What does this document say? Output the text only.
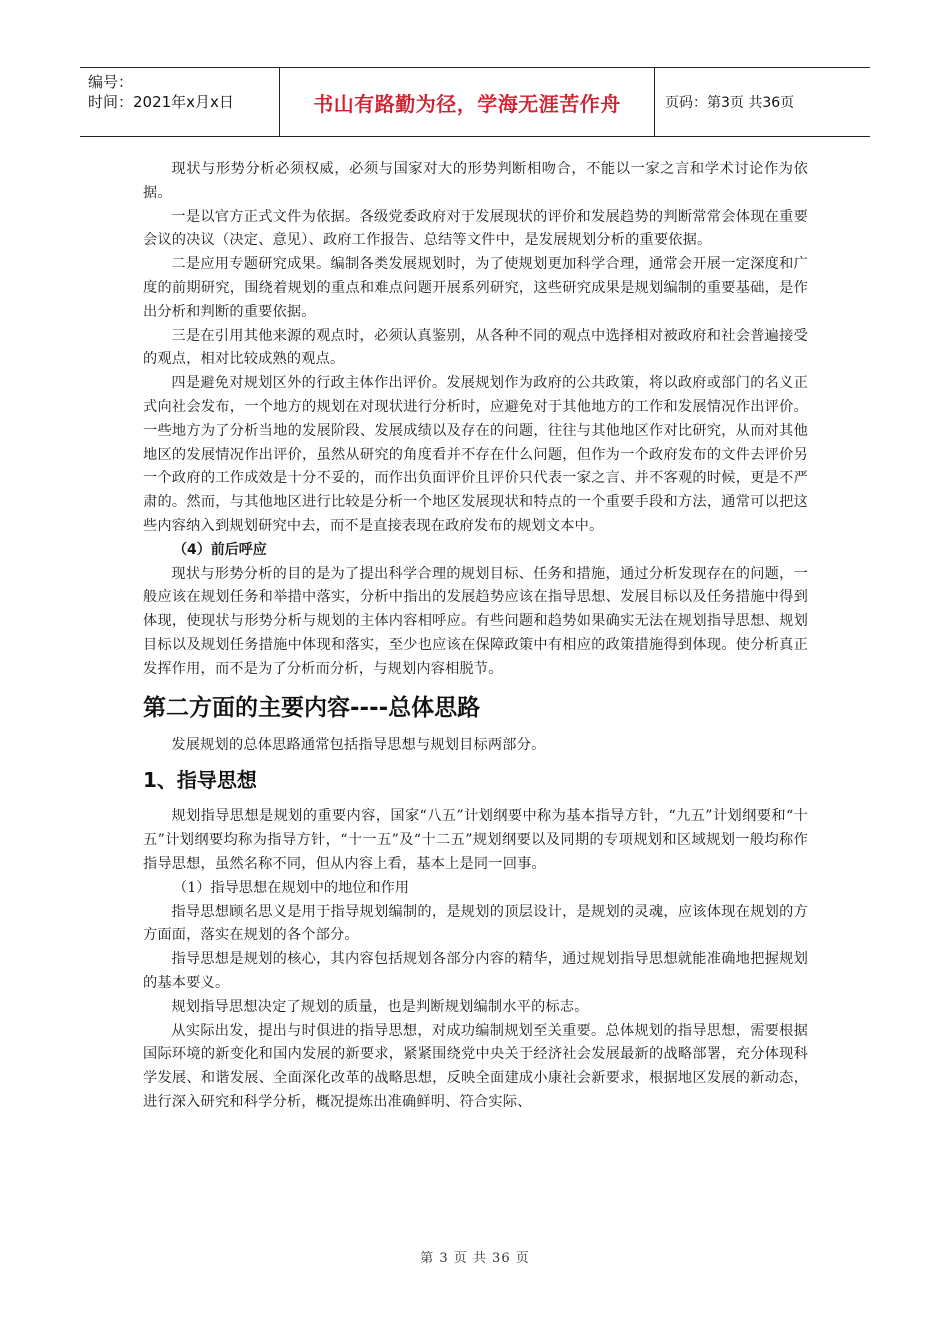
编号：
时间：2021年x月x日	书山有路勤为径，学海无涯苦作舟	页码：第3页 共36页

现状与形势分析必须权威，必须与国家对大的形势判断相吻合，不能以一家之言和学术讨论作为依据。

一是以官方正式文件为依据。各级党委政府对于发展现状的评价和发展趋势的判断常常会体现在重要会议的决议（决定、意见）、政府工作报告、总结等文件中，是发展规划分析的重要依据。

二是应用专题研究成果。编制各类发展规划时，为了使规划更加科学合理，通常会开展一定深度和广度的前期研究，围绕着规划的重点和难点问题开展系列研究，这些研究成果是规划编制的重要基础，是作出分析和判断的重要依据。

三是在引用其他来源的观点时，必须认真鉴别，从各种不同的观点中选择相对被政府和社会普遍接受的观点，相对比较成熟的观点。

四是避免对规划区外的行政主体作出评价。发展规划作为政府的公共政策，将以政府或部门的名义正式向社会发布，一个地方的规划在对现状进行分析时，应避免对于其他地方的工作和发展情况作出评价。一些地方为了分析当地的发展阶段、发展成绩以及存在的问题，往往与其他地区作对比研究，从而对其他地区的发展情况作出评价，虽然从研究的角度看并不存在什么问题，但作为一个政府发布的文件去评价另一个政府的工作成效是十分不妥的，而作出负面评价且评价只代表一家之言、并不客观的时候，更是不严肃的。然而，与其他地区进行比较是分析一个地区发展现状和特点的一个重要手段和方法，通常可以把这些内容纳入到规划研究中去，而不是直接表现在政府发布的规划文本中。

（4）前后呼应

现状与形势分析的目的是为了提出科学合理的规划目标、任务和措施，通过分析发现存在的问题，一般应该在规划任务和举措中落实，分析中指出的发展趋势应该在指导思想、发展目标以及任务措施中得到体现，使现状与形势分析与规划的主体内容相呼应。有些问题和趋势如果确实无法在规划指导思想、规划目标以及规划任务措施中体现和落实，至少也应该在保障政策中有相应的政策措施得到体现。使分析真正发挥作用，而不是为了分析而分析，与规划内容相脱节。

第二方面的主要内容----总体思路

发展规划的总体思路通常包括指导思想与规划目标两部分。

1、指导思想

规划指导思想是规划的重要内容，国家“八五”计划纲要中称为基本指导方针，“九五”计划纲要和“十五”计划纲要均称为指导方针，“十一五”及“十二五”规划纲要以及同期的专项规划和区域规划一般均称作指导思想，虽然名称不同，但从内容上看，基本上是同一回事。

（1）指导思想在规划中的地位和作用

指导思想顾名思义是用于指导规划编制的，是规划的顶层设计，是规划的灵魂，应该体现在规划的方方面面，落实在规划的各个部分。

指导思想是规划的核心，其内容包括规划各部分内容的精华，通过规划指导思想就能准确地把握规划的基本要义。

规划指导思想决定了规划的质量，也是判断规划编制水平的标志。

从实际出发，提出与时俱进的指导思想，对成功编制规划至关重要。总体规划的指导思想，需要根据国际环境的新变化和国内发展的新要求，紧紧围绕党中央关于经济社会发展最新的战略部署，充分体现科学发展、和谐发展、全面深化改革的战略思想，反映全面建成小康社会新要求，根据地区发展的新动态，进行深入研究和科学分析，概况提炼出准确鲜明、符合实际、

第 3 页 共 36 页
